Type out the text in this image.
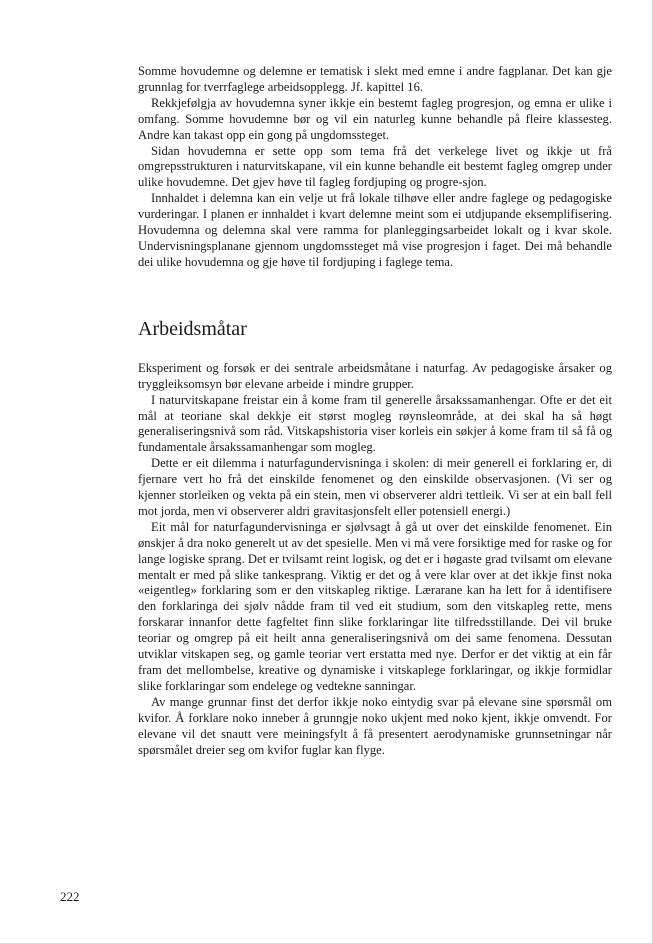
Somme hovudemne og delemne er tematisk i slekt med emne i andre fagplanar. Det kan gje grunnlag for tverrfaglege arbeidsopplegg. Jf. kapittel 16.

Rekkjefølgja av hovudemna syner ikkje ein bestemt fagleg progresjon, og emna er ulike i omfang. Somme hovudemne bør og vil ein naturleg kunne behandle på fleire klassesteg. Andre kan takast opp ein gong på ungdomssteget.

Sidan hovudemna er sette opp som tema frå det verkelege livet og ikkje ut frå omgrepsstrukturen i naturvitskapane, vil ein kunne behandle eit bestemt fagleg omgrep under ulike hovudemne. Det gjev høve til fagleg fordjuping og progre-sjon.

Innhaldet i delemna kan ein velje ut frå lokale tilhøve eller andre faglege og pedagogiske vurderingar. I planen er innhaldet i kvart delemne meint som ei utdjupande eksemplifisering. Hovudemna og delemna skal vere ramma for planleggingsarbeidet lokalt og i kvar skole. Undervisningsplanane gjennom ungdomssteget må vise progresjon i faget. Dei må behandle dei ulike hovudemna og gje høve til fordjuping i faglege tema.

Arbeidsmåtar

Eksperiment og forsøk er dei sentrale arbeidsmåtane i naturfag. Av pedagogiske årsaker og tryggleiksomsyn bør elevane arbeide i mindre grupper.

I naturvitskapane freistar ein å kome fram til generelle årsakssamanhengar. Ofte er det eit mål at teoriane skal dekkje eit størst mogleg røynsleområde, at dei skal ha så høgt generaliseringsnivå som råd. Vitskapshistoria viser korleis ein søkjer å kome fram til så få og fundamentale årsakssamanhengar som mogleg.

Dette er eit dilemma i naturfagundervisninga i skolen: di meir generell ei forklaring er, di fjernare vert ho frå det einskilde fenomenet og den einskilde observasjonen. (Vi ser og kjenner storleiken og vekta på ein stein, men vi observerer aldri tettleik. Vi ser at ein ball fell mot jorda, men vi observerer aldri gravitasjonsfelt eller potensiell energi.)

Eit mål for naturfagundervisninga er sjølvsagt å gå ut over det einskilde fenomenet. Ein ønskjer å dra noko generelt ut av det spesielle. Men vi må vere forsiktige med for raske og for lange logiske sprang. Det er tvilsamt reint logisk, og det er i høgaste grad tvilsamt om elevane mentalt er med på slike tankesprang. Viktig er det og å vere klar over at det ikkje finst noka «eigentleg» forklaring som er den vitskapleg riktige. Lærarane kan ha lett for å identifisere den forklaringa dei sjølv nådde fram til ved eit studium, som den vitskapleg rette, mens forskarar innanfor dette fagfeltet finn slike forklaringar lite tilfredsstillande. Dei vil bruke teoriar og omgrep på eit heilt anna generaliseringsnivå om dei same fenomena. Dessutan utviklar vitskapen seg, og gamle teoriar vert erstatta med nye. Derfor er det viktig at ein får fram det mellombelse, kreative og dynamiske i vitskaplege forklaringar, og ikkje formidlar slike forklaringar som endelege og vedtekne sanningar.

Av mange grunnar finst det derfor ikkje noko eintydig svar på elevane sine spørsmål om kvifor. Å forklare noko inneber å grunngje noko ukjent med noko kjent, ikkje omvendt. For elevane vil det snautt vere meiningsfylt å få presentert aerodynamiske grunnsetningar når spørsmålet dreier seg om kvifor fuglar kan flyge.

222
